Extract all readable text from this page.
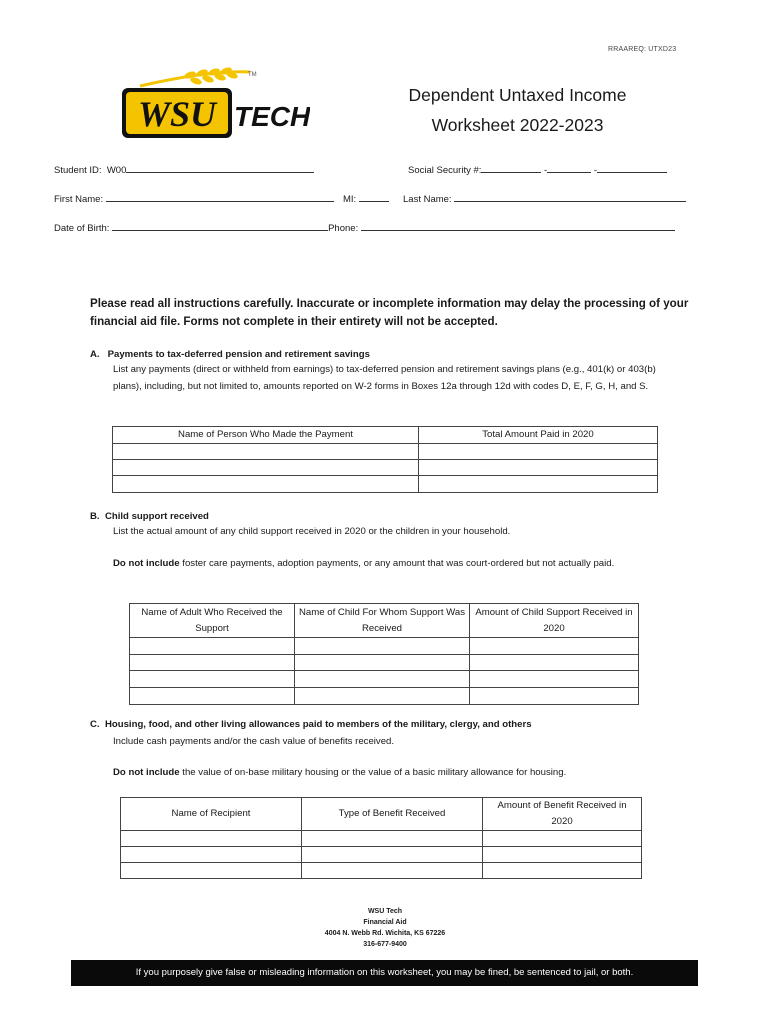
RRAAREQ: UTXD23
TM
WSU TECH
Dependent Untaxed Income
Worksheet 2022-2023
Student ID: W00	Social Security #:	-	-
First Name:	MI:	Last Name:
Date of Birth:	Phone:
Please read all instructions carefully. Inaccurate or incomplete information may delay the processing of your financial aid file. Forms not complete in their entirety will not be accepted.
A. Payments to tax-deferred pension and retirement savings
List any payments (direct or withheld from earnings) to tax-deferred pension and retirement savings plans (e.g., 401(k) or 403(b) plans), including, but not limited to, amounts reported on W-2 forms in Boxes 12a through 12d with codes D, E, F, G, H, and S.
Name of Person Who Made the Payment	Total Amount Paid in 2020

B. Child support received
List the actual amount of any child support received in 2020 or the children in your household.
Do not include foster care payments, adoption payments, or any amount that was court-ordered but not actually paid.
Name of Adult Who Received the Support	Name of Child For Whom Support Was Received	Amount of Child Support Received in 2020

C. Housing, food, and other living allowances paid to members of the military, clergy, and others
Include cash payments and/or the cash value of benefits received.
Do not include the value of on-base military housing or the value of a basic military allowance for housing.
Name of Recipient	Type of Benefit Received	Amount of Benefit Received in 2020

WSU Tech
Financial Aid
4004 N. Webb Rd. Wichita, KS 67226
316-677-9400
If you purposely give false or misleading information on this worksheet, you may be fined, be sentenced to jail, or both.
